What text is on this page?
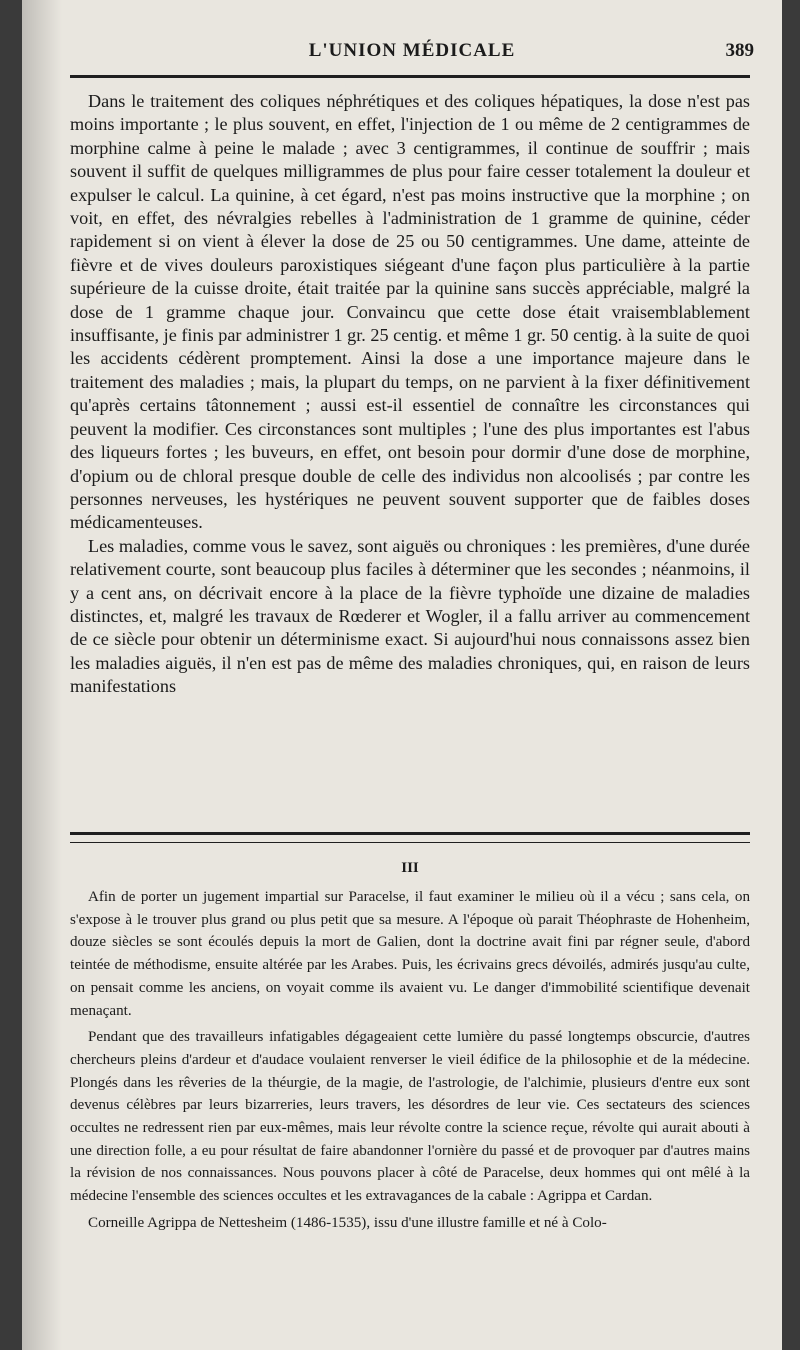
L'UNION MÉDICALE	389

Dans le traitement des coliques néphrétiques et des coliques hépatiques, la dose n'est pas moins importante ; le plus souvent, en effet, l'injection de 1 ou même de 2 centigrammes de morphine calme à peine le malade ; avec 3 centigrammes, il continue de souffrir ; mais souvent il suffit de quelques milligrammes de plus pour faire cesser totalement la douleur et expulser le calcul. La quinine, à cet égard, n'est pas moins instructive que la morphine ; on voit, en effet, des névralgies rebelles à l'administration de 1 gramme de quinine, céder rapidement si on vient à élever la dose de 25 ou 50 centigrammes. Une dame, atteinte de fièvre et de vives douleurs paroxistiques siégeant d'une façon plus particulière à la partie supérieure de la cuisse droite, était traitée par la quinine sans succès appréciable, malgré la dose de 1 gramme chaque jour. Convaincu que cette dose était vraisemblablement insuffisante, je finis par administrer 1 gr. 25 centig. et même 1 gr. 50 centig. à la suite de quoi les accidents cédèrent promptement. Ainsi la dose a une importance majeure dans le traitement des maladies ; mais, la plupart du temps, on ne parvient à la fixer définitivement qu'après certains tâtonnement ; aussi est-il essentiel de connaître les circonstances qui peuvent la modifier. Ces circonstances sont multiples ; l'une des plus importantes est l'abus des liqueurs fortes ; les buveurs, en effet, ont besoin pour dormir d'une dose de morphine, d'opium ou de chloral presque double de celle des individus non alcoolisés ; par contre les personnes nerveuses, les hystériques ne peuvent souvent supporter que de faibles doses médicamenteuses.

Les maladies, comme vous le savez, sont aiguës ou chroniques : les premières, d'une durée relativement courte, sont beaucoup plus faciles à déterminer que les secondes ; néanmoins, il y a cent ans, on décrivait encore à la place de la fièvre typhoïde une dizaine de maladies distinctes, et, malgré les travaux de Rœderer et Wogler, il a fallu arriver au commencement de ce siècle pour obtenir un déterminisme exact. Si aujourd'hui nous connaissons assez bien les maladies aiguës, il n'en est pas de même des maladies chroniques, qui, en raison de leurs manifestations

III

Afin de porter un jugement impartial sur Paracelse, il faut examiner le milieu où il a vécu ; sans cela, on s'expose à le trouver plus grand ou plus petit que sa mesure. A l'époque où parait Théophraste de Hohenheim, douze siècles se sont écoulés depuis la mort de Galien, dont la doctrine avait fini par régner seule, d'abord teintée de méthodisme, ensuite altérée par les Arabes. Puis, les écrivains grecs dévoilés, admirés jusqu'au culte, on pensait comme les anciens, on voyait comme ils avaient vu. Le danger d'immobilité scientifique devenait menaçant.

Pendant que des travailleurs infatigables dégageaient cette lumière du passé longtemps obscurcie, d'autres chercheurs pleins d'ardeur et d'audace voulaient renverser le vieil édifice de la philosophie et de la médecine. Plongés dans les rêveries de la théurgie, de la magie, de l'astrologie, de l'alchimie, plusieurs d'entre eux sont devenus célèbres par leurs bizarreries, leurs travers, les désordres de leur vie. Ces sectateurs des sciences occultes ne redressent rien par eux-mêmes, mais leur révolte contre la science reçue, révolte qui aurait abouti à une direction folle, a eu pour résultat de faire abandonner l'ornière du passé et de provoquer par d'autres mains la révision de nos connaissances. Nous pouvons placer à côté de Paracelse, deux hommes qui ont mêlé à la médecine l'ensemble des sciences occultes et les extravagances de la cabale : Agrippa et Cardan.

Corneille Agrippa de Nettesheim (1486-1535), issu d'une illustre famille et né à Colo-
